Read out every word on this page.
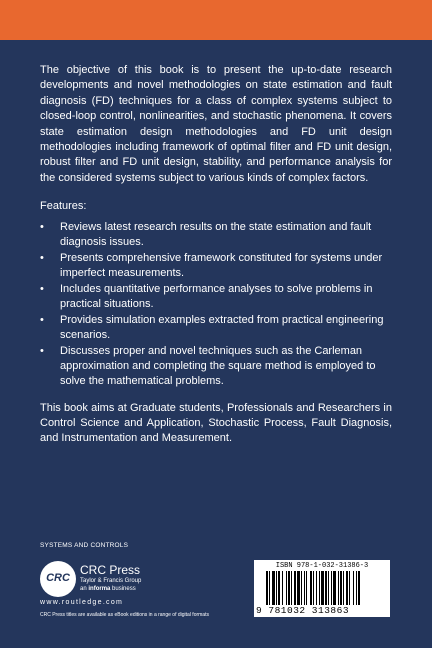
The objective of this book is to present the up-to-date research developments and novel methodologies on state estimation and fault diagnosis (FD) techniques for a class of complex systems subject to closed-loop control, nonlinearities, and stochastic phenomena. It covers state estimation design methodologies and FD unit design methodologies including framework of optimal filter and FD unit design, robust filter and FD unit design, stability, and performance analysis for the considered systems subject to various kinds of complex factors.

Features:
• Reviews latest research results on the state estimation and fault diagnosis issues.
• Presents comprehensive framework constituted for systems under imperfect measurements.
• Includes quantitative performance analyses to solve problems in practical situations.
• Provides simulation examples extracted from practical engineering scenarios.
• Discusses proper and novel techniques such as the Carleman approximation and completing the square method is employed to solve the mathematical problems.

This book aims at Graduate students, Professionals and Researchers in Control Science and Application, Stochastic Process, Fault Diagnosis, and Instrumentation and Measurement.

SYSTEMS AND CONTROLS
CRC
CRC Press
Taylor & Francis Group
an informa business
www.routledge.com
CRC Press titles are available as eBook editions in a range of digital formats
ISBN 978-1-032-31386-3
9 781032 313863
